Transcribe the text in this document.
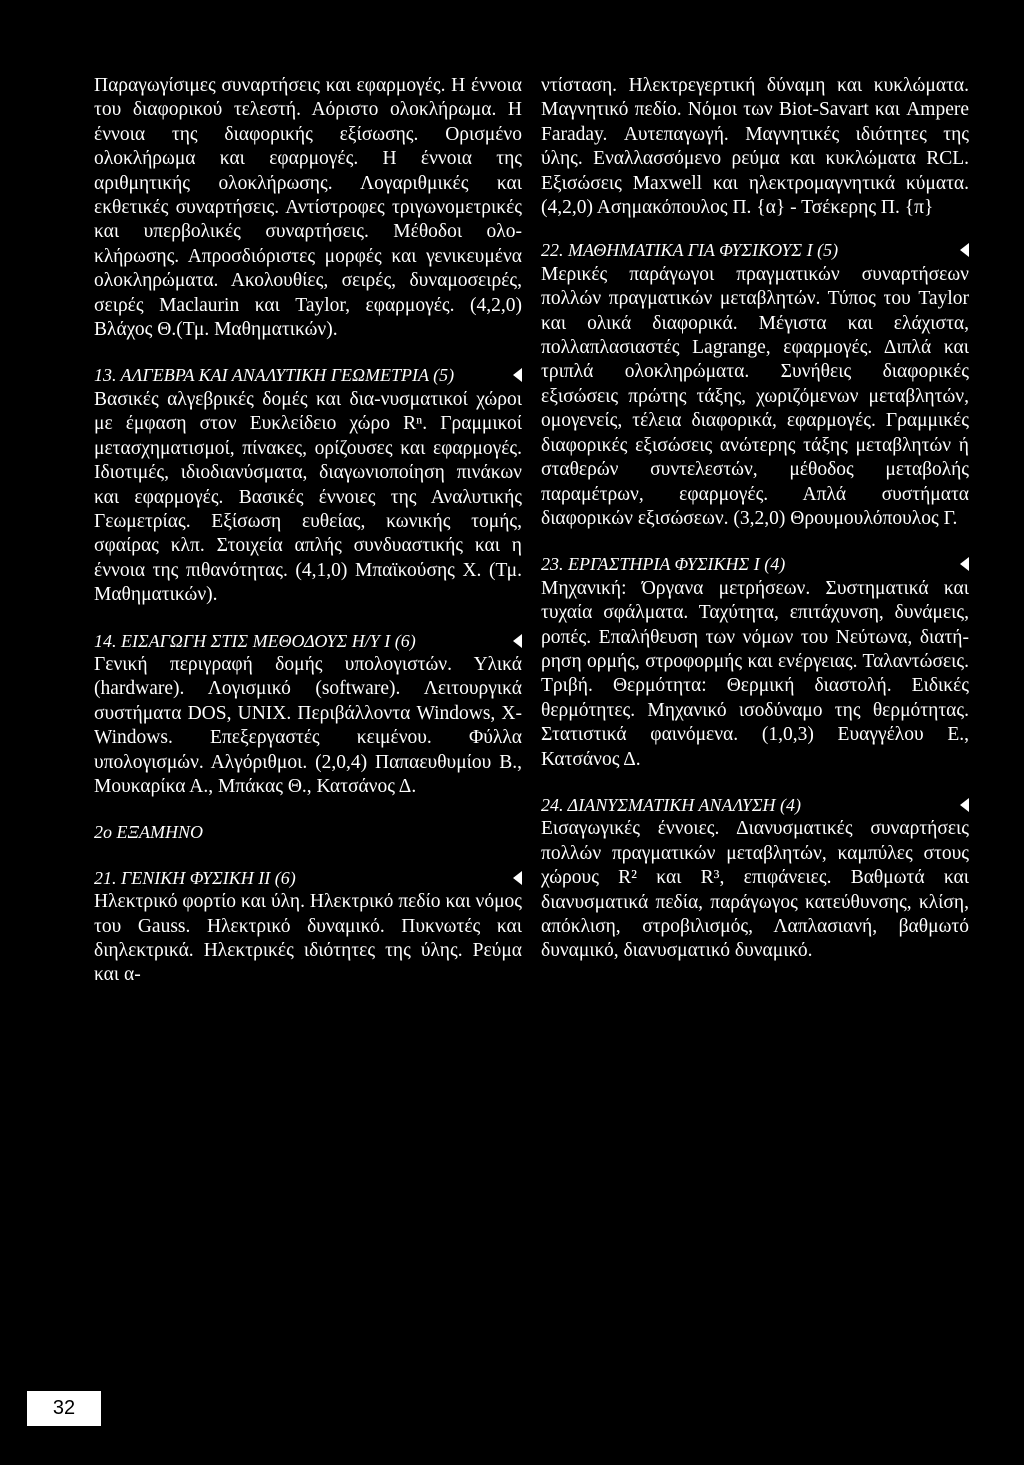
Παραγωγίσιμες συναρτήσεις και εφαρμογές. Η έννοια του διαφορικού τελεστή. Αόριστο ολοκλήρωμα. Η έννοια της διαφορικής εξίσωσης. Ορισμένο ολοκλήρωμα και εφαρμογές. Η έννοια της αριθμητικής ολοκλήρωσης. Λογαριθμικές και εκθετικές συναρτήσεις. Αντίστροφες τριγωνομετρικές και υπερβολικές συναρτήσεις. Μέθοδοι ολο-κλήρωσης. Απροσδιόριστες μορφές και γενικευμένα ολοκληρώματα. Ακολουθίες, σειρές, δυναμοσειρές, σειρές Maclaurin και Taylor, εφαρμογές. (4,2,0) Βλάχος Θ.(Τμ. Μαθηματικών).

13. ΑΛΓΕΒΡΑ ΚΑΙ ΑΝΑΛΥΤΙΚΗ ΓΕΩΜΕΤΡΙΑ (5)

Βασικές αλγεβρικές δομές και δια-νυσματικοί χώροι με έμφαση στον Ευκλείδειο χώρο Rⁿ. Γραμμικοί μετασχηματισμοί, πίνακες, ορίζουσες και εφαρμογές. Ιδιοτιμές, ιδιοδιανύσματα, διαγωνιοποίηση πινάκων και εφαρμογές. Βασικές έννοιες της Αναλυτικής Γεωμετρίας. Εξίσωση ευθείας, κωνικής τομής, σφαίρας κλπ. Στοιχεία απλής συνδυαστικής και η έννοια της πιθανότητας. (4,1,0) Μπαϊκούσης Χ. (Τμ. Μαθηματικών).

14. ΕΙΣΑΓΩΓΗ ΣΤΙΣ ΜΕΘΟΔΟΥΣ Η/Υ Ι (6)

Γενική περιγραφή δομής υπολογιστών. Υλικά (hardware). Λογισμικό (software). Λειτουργικά συστήματα DOS, UNIX. Περιβάλλοντα Windows, X-Windows. Επεξεργαστές κειμένου. Φύλλα υπολογισμών. Αλγόριθμοι. (2,0,4) Παπαευθυμίου Β., Μουκαρίκα Α., Μπάκας Θ., Κατσάνος Δ.

2ο ΕΞΑΜΗΝΟ

21. ΓΕΝΙΚΗ ΦΥΣΙΚΗ ΙΙ (6)

Ηλεκτρικό φορτίο και ύλη. Ηλεκτρικό πεδίο και νόμος του Gauss. Ηλεκτρικό δυναμικό. Πυκνωτές και διηλεκτρικά. Ηλεκτρικές ιδιότητες της ύλης. Ρεύμα και α-

ντίσταση. Ηλεκτρεγερτική δύναμη και κυκλώματα. Μαγνητικό πεδίο. Νόμοι των Biot-Savart και Ampere Faraday. Αυτεπαγωγή. Μαγνητικές ιδιότητες της ύλης. Εναλλασσόμενο ρεύμα και κυκλώματα RCL. Εξισώσεις Maxwell και ηλεκτρομαγνητικά κύματα. (4,2,0) Ασημακόπουλος Π. {α} - Τσέκερης Π. {π}

22. ΜΑΘΗΜΑΤΙΚΑ ΓΙΑ ΦΥΣΙΚΟΥΣ Ι (5)

Μερικές παράγωγοι πραγματικών συναρτήσεων πολλών πραγματικών μεταβλητών. Τύπος του Taylor και ολικά διαφορικά. Μέγιστα και ελάχιστα, πολλαπλασιαστές Lagrange, εφαρμογές. Διπλά και τριπλά ολοκληρώματα. Συνήθεις διαφορικές εξισώσεις πρώτης τάξης, χωριζόμενων μεταβλητών, ομογενείς, τέλεια διαφορικά, εφαρμογές. Γραμμικές διαφορικές εξισώσεις ανώτερης τάξης μεταβλητών ή σταθερών συντελεστών, μέθοδος μεταβολής παραμέτρων, εφαρμογές. Απλά συστήματα διαφορικών εξισώσεων. (3,2,0) Θρουμουλόπουλος Γ.

23. ΕΡΓΑΣΤΗΡΙΑ ΦΥΣΙΚΗΣ Ι (4)

Μηχανική: Όργανα μετρήσεων. Συστηματικά και τυχαία σφάλματα. Ταχύτητα, επιτάχυνση, δυνάμεις, ροπές. Επαλήθευση των νόμων του Νεύτωνα, διατή-ρηση ορμής, στροφορμής και ενέργειας. Ταλαντώσεις. Τριβή. Θερμότητα: Θερμική διαστολή. Ειδικές θερμότητες. Μηχανικό ισοδύναμο της θερμότητας. Στατιστικά φαινόμενα. (1,0,3) Ευαγγέλου Ε., Κατσάνος Δ.

24. ΔΙΑΝΥΣΜΑΤΙΚΗ ΑΝΑΛΥΣΗ (4)

Εισαγωγικές έννοιες. Διανυσματικές συναρτήσεις πολλών πραγματικών μεταβλητών, καμπύλες στους χώρους R² και R³, επιφάνειες. Βαθμωτά και διανυσματικά πεδία, παράγωγος κατεύθυνσης, κλίση, απόκλιση, στροβιλισμός, Λαπλασιανή, βαθμωτό δυναμικό, διανυσματικό δυναμικό.

32
